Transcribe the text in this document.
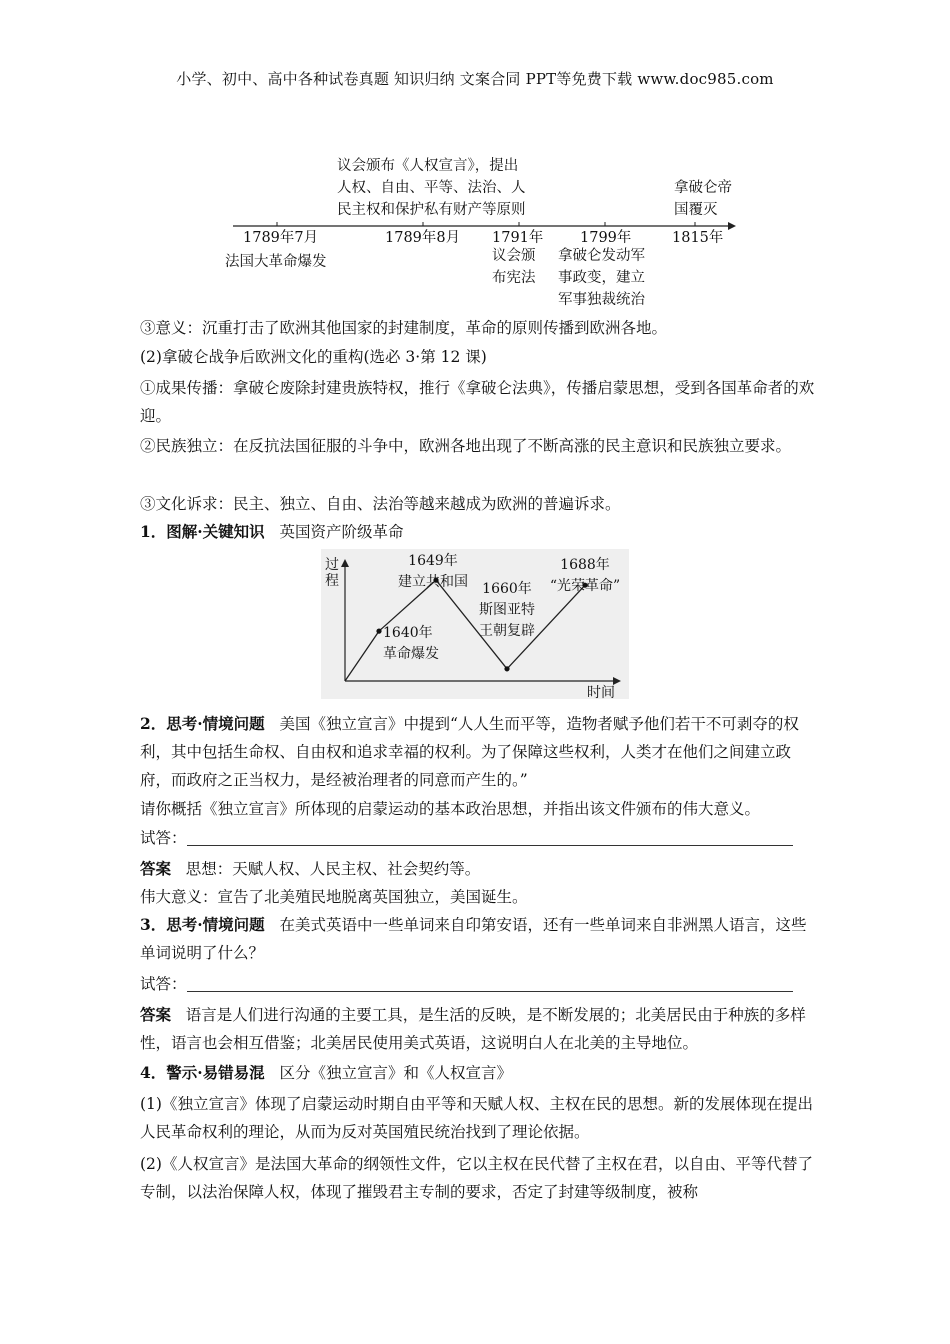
小学、初中、高中各种试卷真题 知识归纳 文案合同 PPT等免费下载 www.doc985.com
议会颁布《人权宣言》，提出
人权、自由、平等、法治、人
民主权和保护私有财产等原则
拿破仑帝
国覆灭
1789年7月	1789年8月 1791年	1799年	1815年
法国大革命爆发	议会颁
布宪法
拿破仑发动军
事政变，建立
军事独裁统治
③意义：沉重打击了欧洲其他国家的封建制度，革命的原则传播到欧洲各地。
(2)拿破仑战争后欧洲文化的重构(选必 3·第 12 课)
①成果传播：拿破仑废除封建贵族特权，推行《拿破仑法典》，传播启蒙思想，受到各国革命者的欢迎。
②民族独立：在反抗法国征服的斗争中，欧洲各地出现了不断高涨的民主意识和民族独立要求。
③文化诉求：民主、独立、自由、法治等越来越成为欧洲的普遍诉求。
1．图解·关键知识 英国资产阶级革命
过
程
时间
1640年
革命爆发
1649年
建立共和国 1660年
斯图亚特
王朝复辟
1688年
“光荣革命”
2．思考·情境问题 美国《独立宣言》中提到“人人生而平等，造物者赋予他们若干不可剥夺的权利，其中包括生命权、自由权和追求幸福的权利。为了保障这些权利，人类才在他们之间建立政府，而政府之正当权力，是经被治理者的同意而产生的。”
请你概括《独立宣言》所体现的启蒙运动的基本政治思想，并指出该文件颁布的伟大意义。
试答：
答案 思想：天赋人权、人民主权、社会契约等。
伟大意义：宣告了北美殖民地脱离英国独立，美国诞生。
3．思考·情境问题 在美式英语中一些单词来自印第安语，还有一些单词来自非洲黑人语言，这些单词说明了什么？
试答：
答案 语言是人们进行沟通的主要工具，是生活的反映，是不断发展的；北美居民由于种族的多样性，语言也会相互借鉴；北美居民使用美式英语，这说明白人在北美的主导地位。
4．警示·易错易混 区分《独立宣言》和《人权宣言》
(1)《独立宣言》体现了启蒙运动时期自由平等和天赋人权、主权在民的思想。新的发展体现在提出人民革命权利的理论，从而为反对英国殖民统治找到了理论依据。
(2)《人权宣言》是法国大革命的纲领性文件，它以主权在民代替了主权在君，以自由、平等代替了专制，以法治保障人权，体现了摧毁君主专制的要求，否定了封建等级制度，被称
